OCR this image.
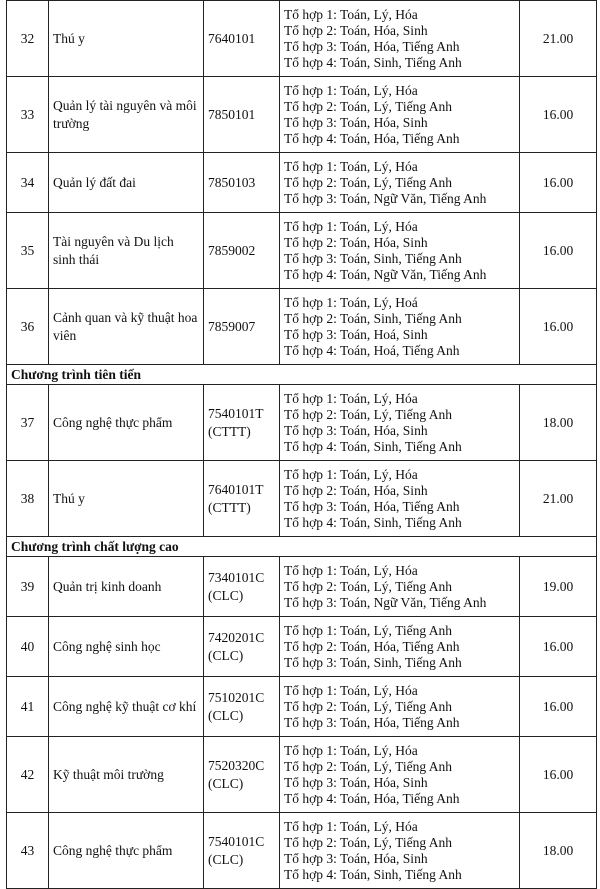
32	Thú y	7640101	Tổ hợp 1: Toán, Lý, Hóa
Tổ hợp 2: Toán, Hóa, Sinh
Tổ hợp 3: Toán, Hóa, Tiếng Anh
Tổ hợp 4: Toán, Sinh, Tiếng Anh	21.00
33	Quản lý tài nguyên và môi trường	7850101	Tổ hợp 1: Toán, Lý, Hóa
Tổ hợp 2: Toán, Lý, Tiếng Anh
Tổ hợp 3: Toán, Hóa, Sinh
Tổ hợp 4: Toán, Hóa, Tiếng Anh	16.00
34	Quản lý đất đai	7850103	Tổ hợp 1: Toán, Lý, Hóa
Tổ hợp 2: Toán, Lý, Tiếng Anh
Tổ hợp 3: Toán, Ngữ Văn, Tiếng Anh	16.00
35	Tài nguyên và Du lịch sinh thái	7859002	Tổ hợp 1: Toán, Lý, Hóa
Tổ hợp 2: Toán, Hóa, Sinh
Tổ hợp 3: Toán, Sinh, Tiếng Anh
Tổ hợp 4: Toán, Ngữ Văn, Tiếng Anh	16.00
36	Cảnh quan và kỹ thuật hoa viên	7859007	Tổ hợp 1: Toán, Lý, Hoá
Tổ hợp 2: Toán, Sinh, Tiếng Anh
Tổ hợp 3: Toán, Hoá, Sinh
Tổ hợp 4: Toán, Hoá, Tiếng Anh	16.00
Chương trình tiên tiến				
37	Công nghệ thực phẩm	7540101T (CTTT)	Tổ hợp 1: Toán, Lý, Hóa
Tổ hợp 2: Toán, Lý, Tiếng Anh
Tổ hợp 3: Toán, Hóa, Sinh
Tổ hợp 4: Toán, Sinh, Tiếng Anh	18.00
38	Thú y	7640101T (CTTT)	Tổ hợp 1: Toán, Lý, Hóa
Tổ hợp 2: Toán, Hóa, Sinh
Tổ hợp 3: Toán, Hóa, Tiếng Anh
Tổ hợp 4: Toán, Sinh, Tiếng Anh	21.00
Chương trình chất lượng cao				
39	Quản trị kinh doanh	7340101C (CLC)	Tổ hợp 1: Toán, Lý, Hóa
Tổ hợp 2: Toán, Lý, Tiếng Anh
Tổ hợp 3: Toán, Ngữ Văn, Tiếng Anh	19.00
40	Công nghệ sinh học	7420201C (CLC)	Tổ hợp 1: Toán, Lý, Tiếng Anh
Tổ hợp 2: Toán, Hóa, Tiếng Anh
Tổ hợp 3: Toán, Sinh, Tiếng Anh	16.00
41	Công nghệ kỹ thuật cơ khí	7510201C (CLC)	Tổ hợp 1: Toán, Lý, Hóa
Tổ hợp 2: Toán, Lý, Tiếng Anh
Tổ hợp 3: Toán, Hóa, Tiếng Anh	16.00
42	Kỹ thuật môi trường	7520320C (CLC)	Tổ hợp 1: Toán, Lý, Hóa
Tổ hợp 2: Toán, Lý, Tiếng Anh
Tổ hợp 3: Toán, Hóa, Sinh
Tổ hợp 4: Toán, Hóa, Tiếng Anh	16.00
43	Công nghệ thực phẩm	7540101C (CLC)	Tổ hợp 1: Toán, Lý, Hóa
Tổ hợp 2: Toán, Lý, Tiếng Anh
Tổ hợp 3: Toán, Hóa, Sinh
Tổ hợp 4: Toán, Sinh, Tiếng Anh	18.00
